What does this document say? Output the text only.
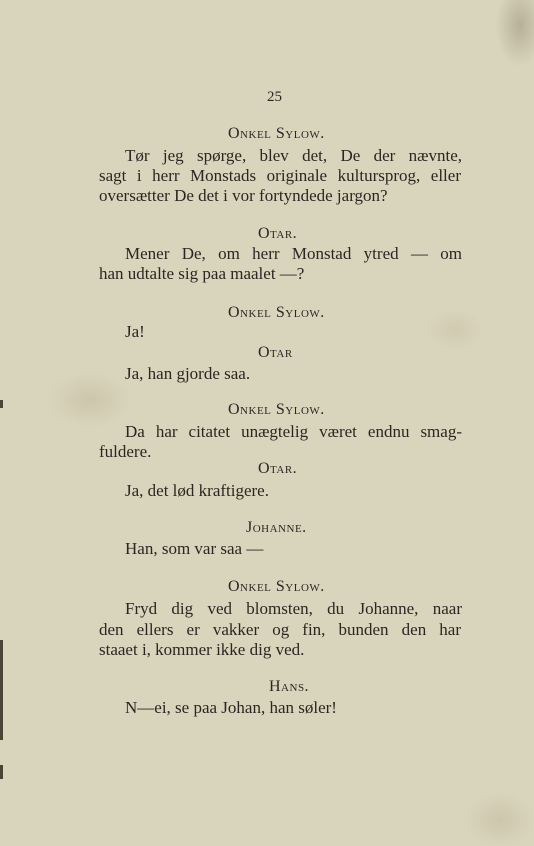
25
Onkel Sylow.
Tør jeg spørge, blev det, De der nævnte,
sagt i herr Monstads originale kultursprog, eller
oversætter De det i vor fortyndede jargon?
Otar.
Mener De, om herr Monstad ytred — om
han udtalte sig paa maalet —?
Onkel Sylow.
Ja!
Otar
Ja, han gjorde saa.
Onkel Sylow.
Da har citatet unægtelig været endnu smag-
fuldere.
Otar.
Ja, det lød kraftigere.
Johanne.
Han, som var saa —
Onkel Sylow.
Fryd dig ved blomsten, du Johanne, naar
den ellers er vakker og fin, bunden den har
staaet i, kommer ikke dig ved.
Hans.
N—ei, se paa Johan, han søler!
